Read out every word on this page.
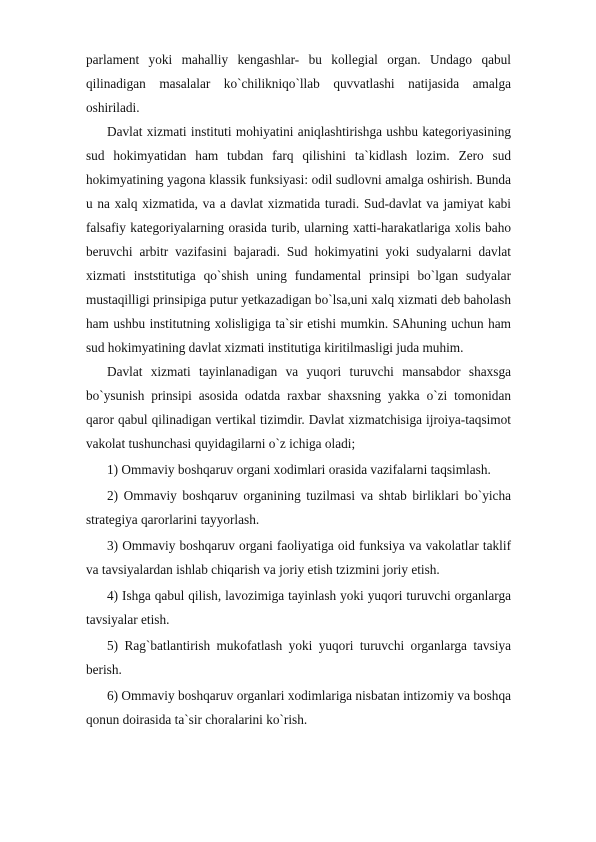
parlament yoki mahalliy kengashlar- bu kollegial organ. Undago qabul qilinadigan masalalar ko`chilikniqo`llab quvvatlashi natijasida amalga oshiriladi.

Davlat xizmati instituti mohiyatini aniqlashtirishga ushbu kategoriyasining sud hokimyatidan ham tubdan farq qilishini ta`kidlash lozim. Zero sud hokimyatining yagona klassik funksiyasi: odil sudlovni amalga oshirish. Bunda u na xalq xizmatida, va a davlat xizmatida turadi. Sud-davlat va jamiyat kabi falsafiy kategoriyalarning orasida turib, ularning xatti-harakatlariga xolis baho beruvchi arbitr vazifasini bajaradi. Sud hokimyatini yoki sudyalarni davlat xizmati inststitutiga qo`shish uning fundamental prinsipi bo`lgan sudyalar mustaqilligi prinsipiga putur yetkazadigan bo`lsa,uni xalq xizmati deb baholash ham ushbu institutning xolisligiga ta`sir etishi mumkin. SAhuning uchun ham sud hokimyatining davlat xizmati institutiga kiritilmasligi juda muhim.

Davlat xizmati tayinlanadigan va yuqori turuvchi mansabdor shaxsga bo`ysunish prinsipi asosida odatda raxbar shaxsning yakka o`zi tomonidan qaror qabul qilinadigan vertikal tizimdir. Davlat xizmatchisiga ijroiya-taqsimot vakolat tushunchasi quyidagilarni o`z ichiga oladi;

1) Ommaviy boshqaruv organi xodimlari orasida vazifalarni taqsimlash.

2) Ommaviy boshqaruv organining tuzilmasi va shtab birliklari bo`yicha strategiya qarorlarini tayyorlash.

3) Ommaviy boshqaruv organi faoliyatiga oid funksiya va vakolatlar taklif va tavsiyalardan ishlab chiqarish va joriy etish tzizmini joriy etish.

4) Ishga qabul qilish, lavozimiga tayinlash yoki yuqori turuvchi organlarga tavsiyalar etish.

5) Rag`batlantirish mukofatlash yoki yuqori turuvchi organlarga tavsiya berish.

6) Ommaviy boshqaruv organlari xodimlariga nisbatan intizomiy va boshqa qonun doirasida ta`sir choralarini ko`rish.
